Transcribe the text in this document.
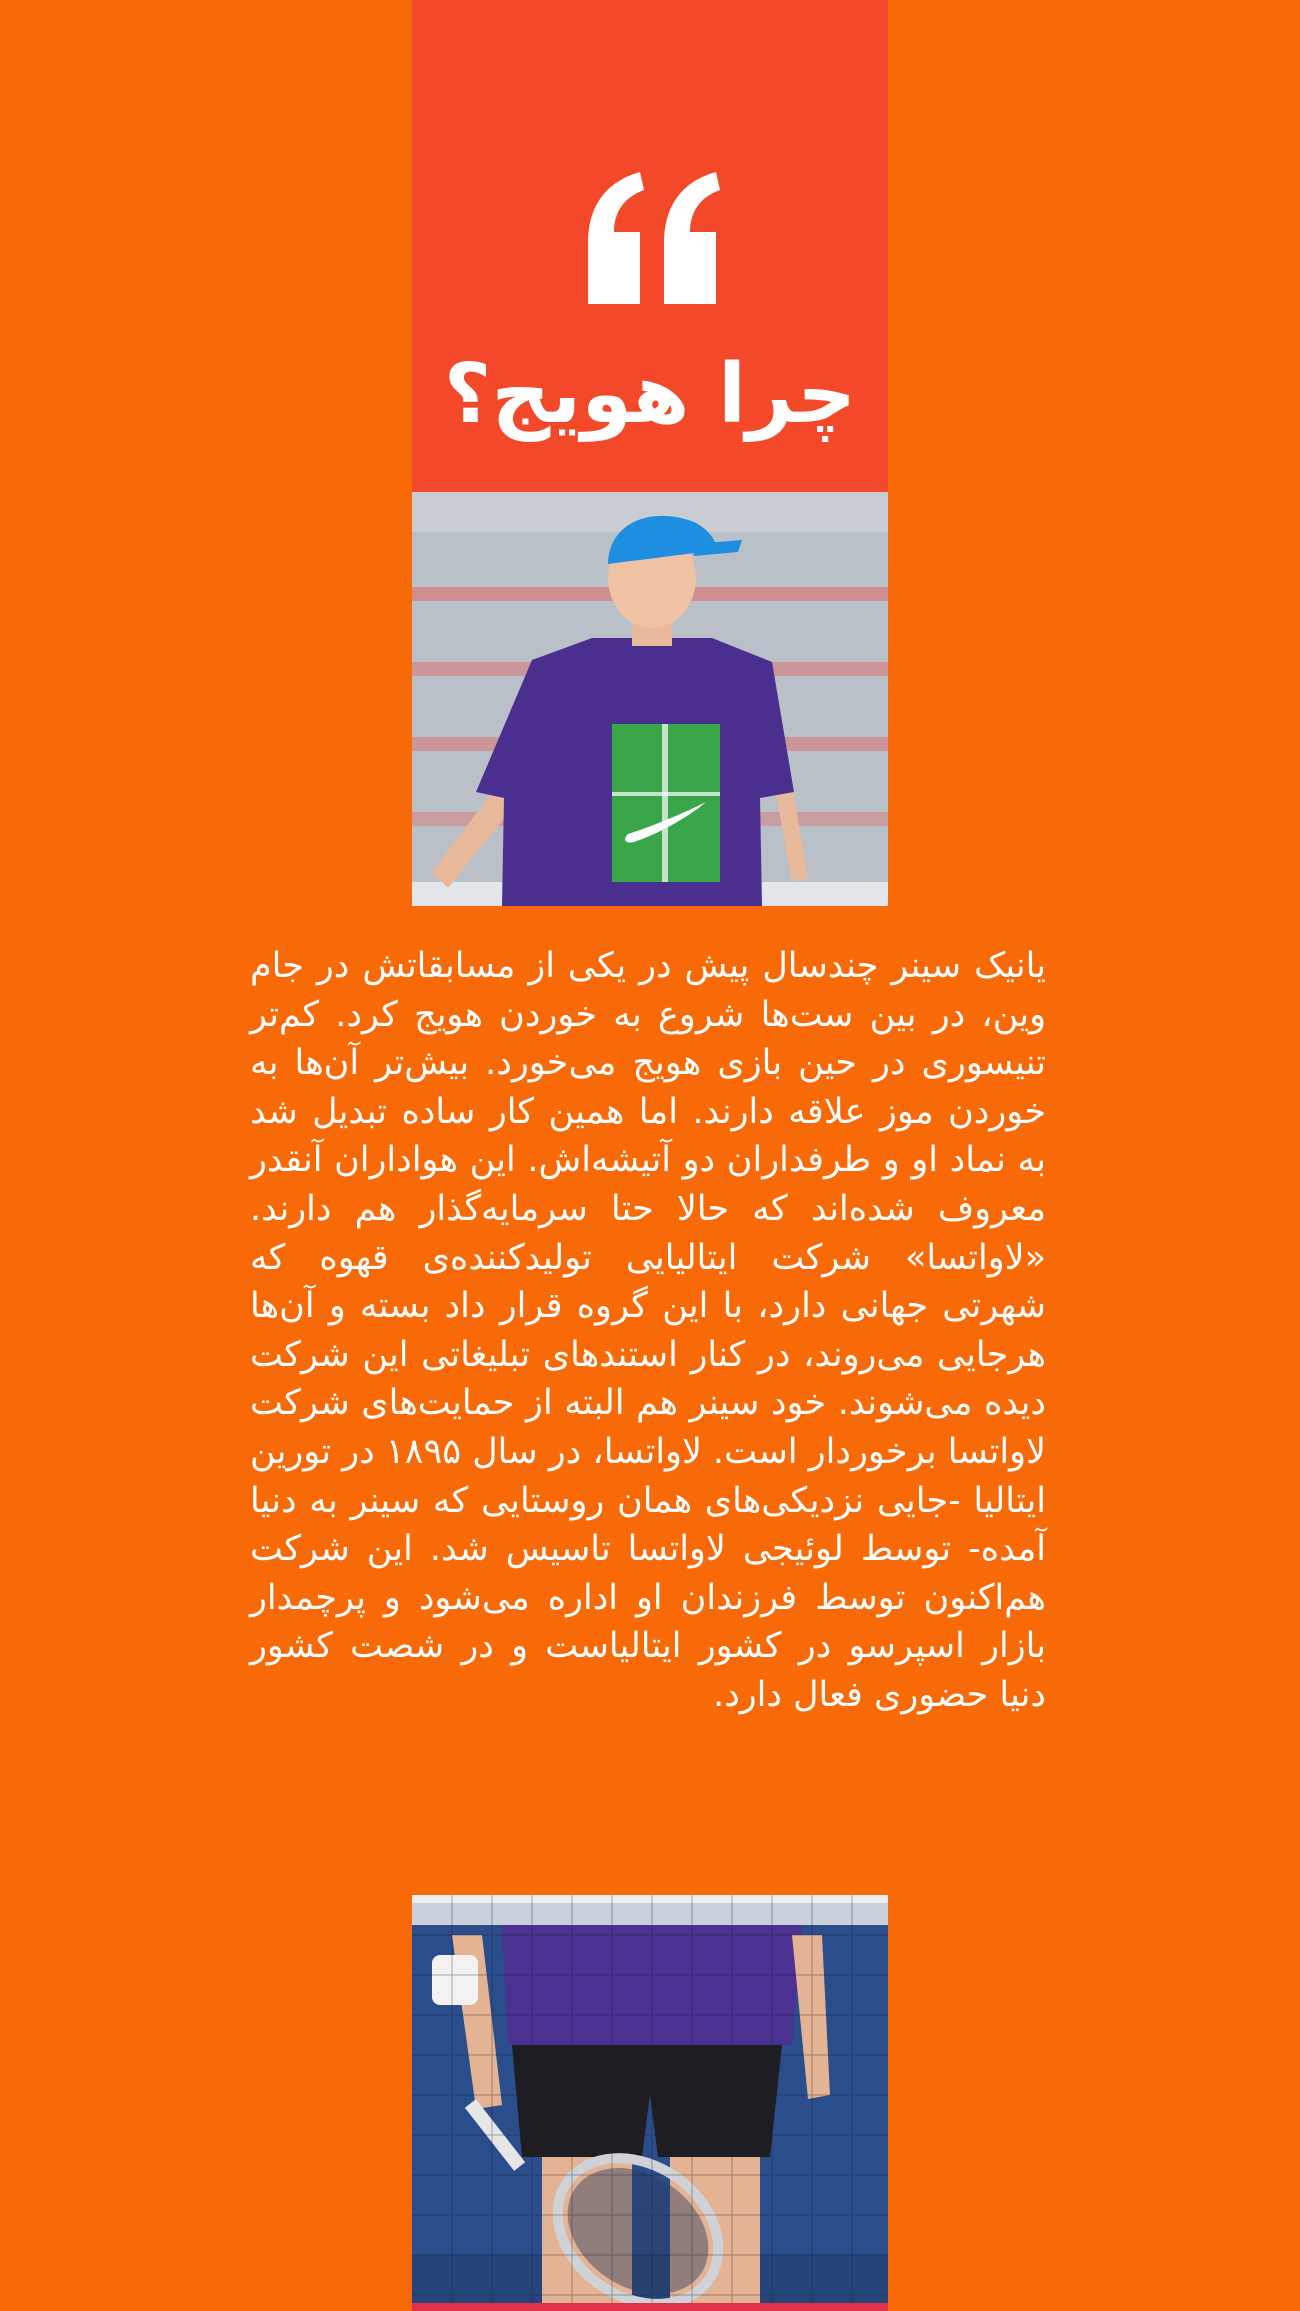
چرا هویج؟
یانیک سینر چندسال پیش در یکی از مسابقاتش در جام وین، در بین ست‌ها شروع به خوردن هویج کرد. کم‌تر تنیسوری در حین بازی هویج می‌خورد. بیش‌تر آن‌ها به خوردن موز علاقه دارند. اما همین کار ساده تبدیل شد به نماد او و طرفداران دو آتیشه‌اش. این هواداران آنقدر معروف شده‌اند که حالا حتا سرمایه‌گذار هم دارند. «لاواتسا» شرکت ایتالیایی تولیدکننده‌ی قهوه که شهرتی جهانی دارد، با این گروه قرار داد بسته و آن‌ها هرجایی می‌روند، در کنار استندهای تبلیغاتی این شرکت دیده می‌شوند. خود سینر هم البته از حمایت‌های شرکت لاواتسا برخوردار است. لاواتسا، در سال ۱۸۹۵ در تورین ایتالیا -جایی نزدیکی‌های همان روستایی که سینر به دنیا آمده- توسط لوئیجی لاواتسا تاسیس شد. این شرکت هم‌اکنون توسط فرزندان او اداره می‌شود و پرچمدار بازار اسپرسو در کشور ایتالیاست و در شصت کشور دنیا حضوری فعال دارد.
